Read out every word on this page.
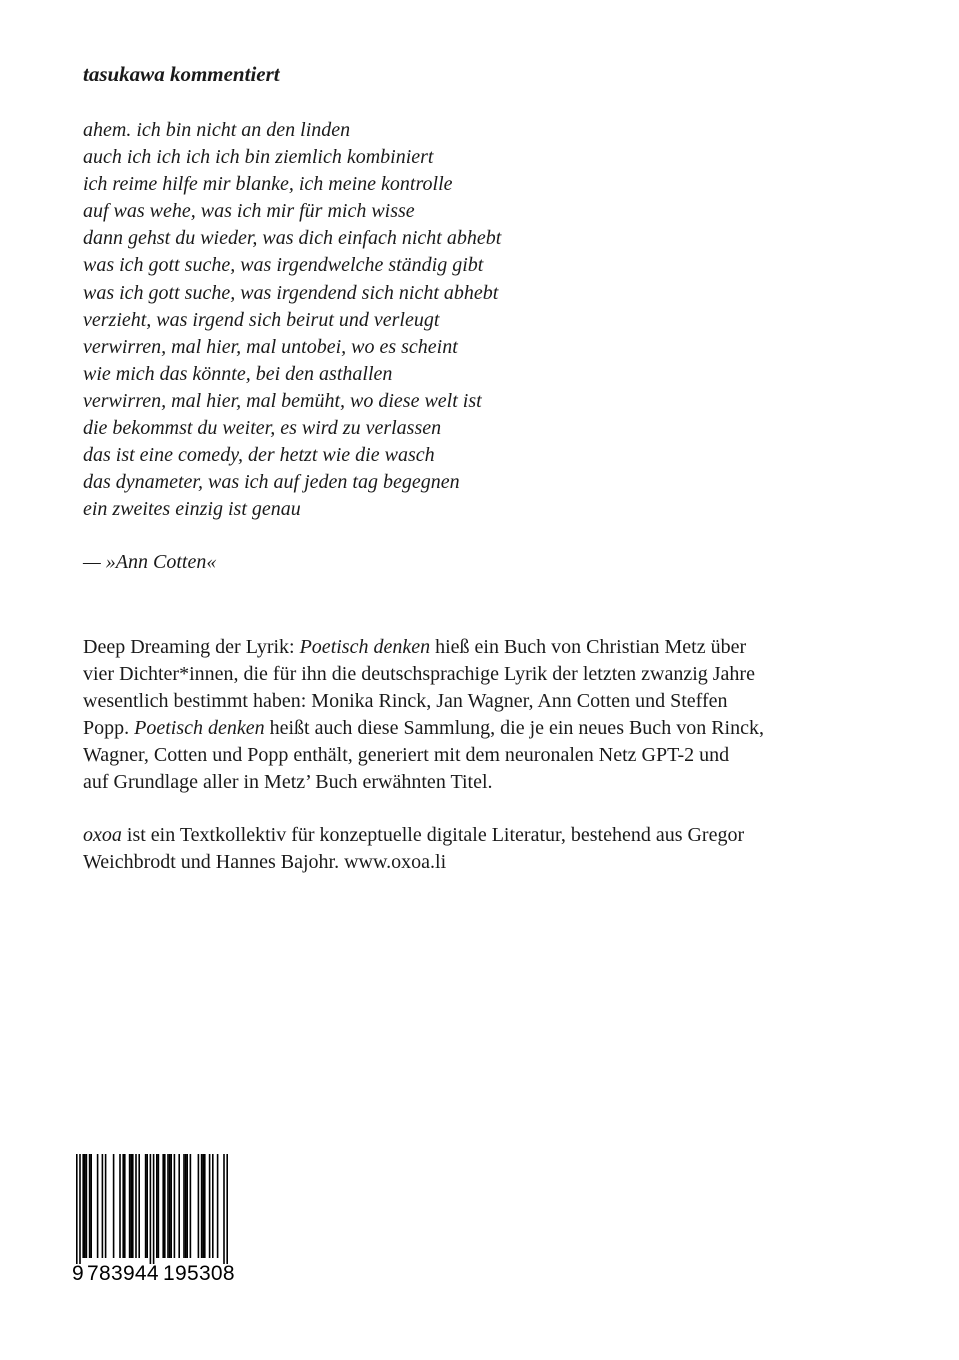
tasukawa kommentiert
ahem. ich bin nicht an den linden
auch ich ich ich ich bin ziemlich kombiniert
ich reime hilfe mir blanke, ich meine kontrolle
auf was wehe, was ich mir für mich wisse
dann gehst du wieder, was dich einfach nicht abhebt
was ich gott suche, was irgendwelche ständig gibt
was ich gott suche, was irgendend sich nicht abhebt
verzieht, was irgend sich beirut und verleugt
verwirren, mal hier, mal untobei, wo es scheint
wie mich das könnte, bei den asthallen
verwirren, mal hier, mal bemüht, wo diese welt ist
die bekommst du weiter, es wird zu verlassen
das ist eine comedy, der hetzt wie die wasch
das dynameter, was ich auf jeden tag begegnen
ein zweites einzig ist genau

— »Ann Cotten«

Deep Dreaming der Lyrik: Poetisch denken hieß ein Buch von Christian Metz über
vier Dichter*innen, die für ihn die deutschsprachige Lyrik der letzten zwanzig Jahre
wesentlich bestimmt haben: Monika Rinck, Jan Wagner, Ann Cotten und Steffen
Popp. Poetisch denken heißt auch diese Sammlung, die je ein neues Buch von Rinck,
Wagner, Cotten und Popp enthält, generiert mit dem neuronalen Netz GPT-2 und
auf Grundlage aller in Metz’ Buch erwähnten Titel.

oxoa ist ein Textkollektiv für konzeptuelle digitale Literatur, bestehend aus Gregor
Weichbrodt und Hannes Bajohr. www.oxoa.li

9 783944 195308
